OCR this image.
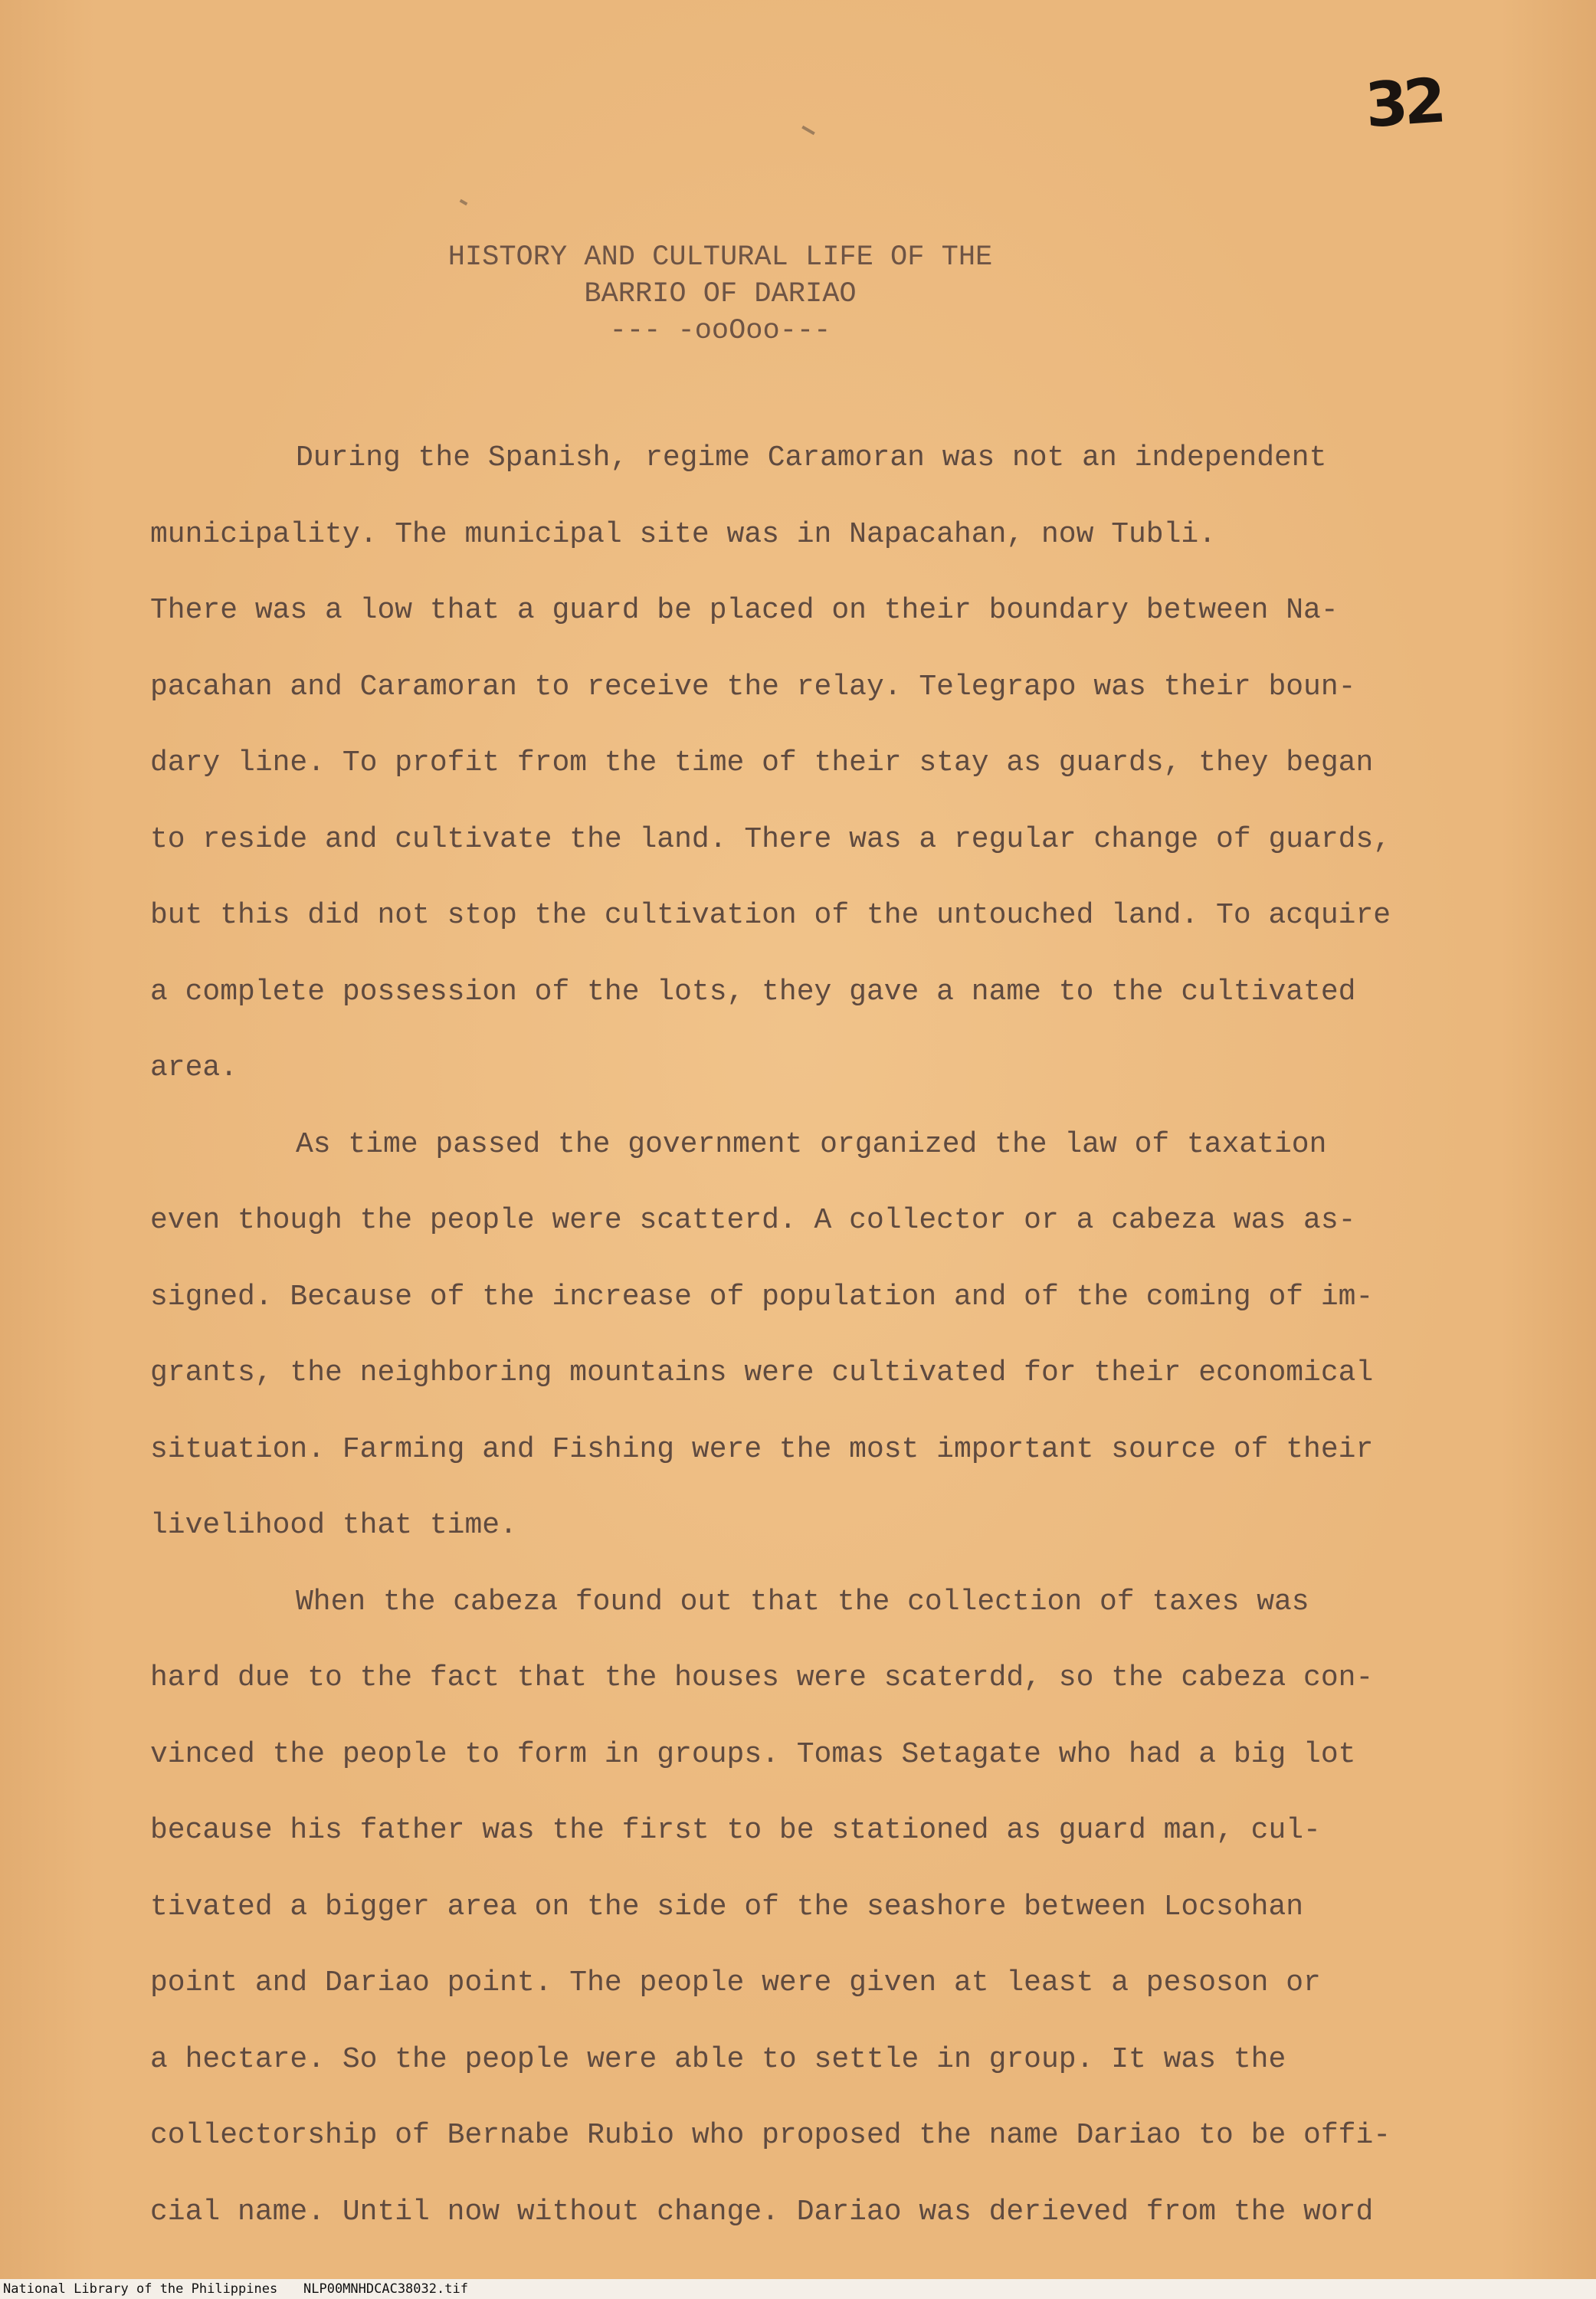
32
HISTORY AND CULTURAL LIFE OF THE
BARRIO OF DARIAO
--- -ooOoo---
During the Spanish, regime Caramoran was not an independent
municipality. The municipal site was in Napacahan, now Tubli.
There was a low that a guard be placed on their boundary between Na-
pacahan and Caramoran to receive the relay. Telegrapo was their boun-
dary line. To profit from the time of their stay as guards, they began
to reside and cultivate the land. There was a regular change of guards,
but this did not stop the cultivation of the untouched land. To acquire
a complete possession of the lots, they gave a name to the cultivated
area.
As time passed the government organized the law of taxation
even though the people were scatterd. A collector or a cabeza was as-
signed. Because of the increase of population and of the coming of im-
grants, the neighboring mountains were cultivated for their economical
situation. Farming and Fishing were the most important source of their
livelihood that time.
When the cabeza found out that the collection of taxes was
hard due to the fact that the houses were scaterdd, so the cabeza con-
vinced the people to form in groups. Tomas Setagate who had a big lot
because his father was the first to be stationed as guard man, cul-
tivated a bigger area on the side of the seashore between Locsohan
point and Dariao point. The people were given at least a pesoson or
a hectare. So the people were able to settle in group. It was the
collectorship of Bernabe Rubio who proposed the name Dariao to be offi-
cial name. Until now without change. Dariao was derieved from the word
National Library of the Philippines NLP00MNHDCAC38032.tif
